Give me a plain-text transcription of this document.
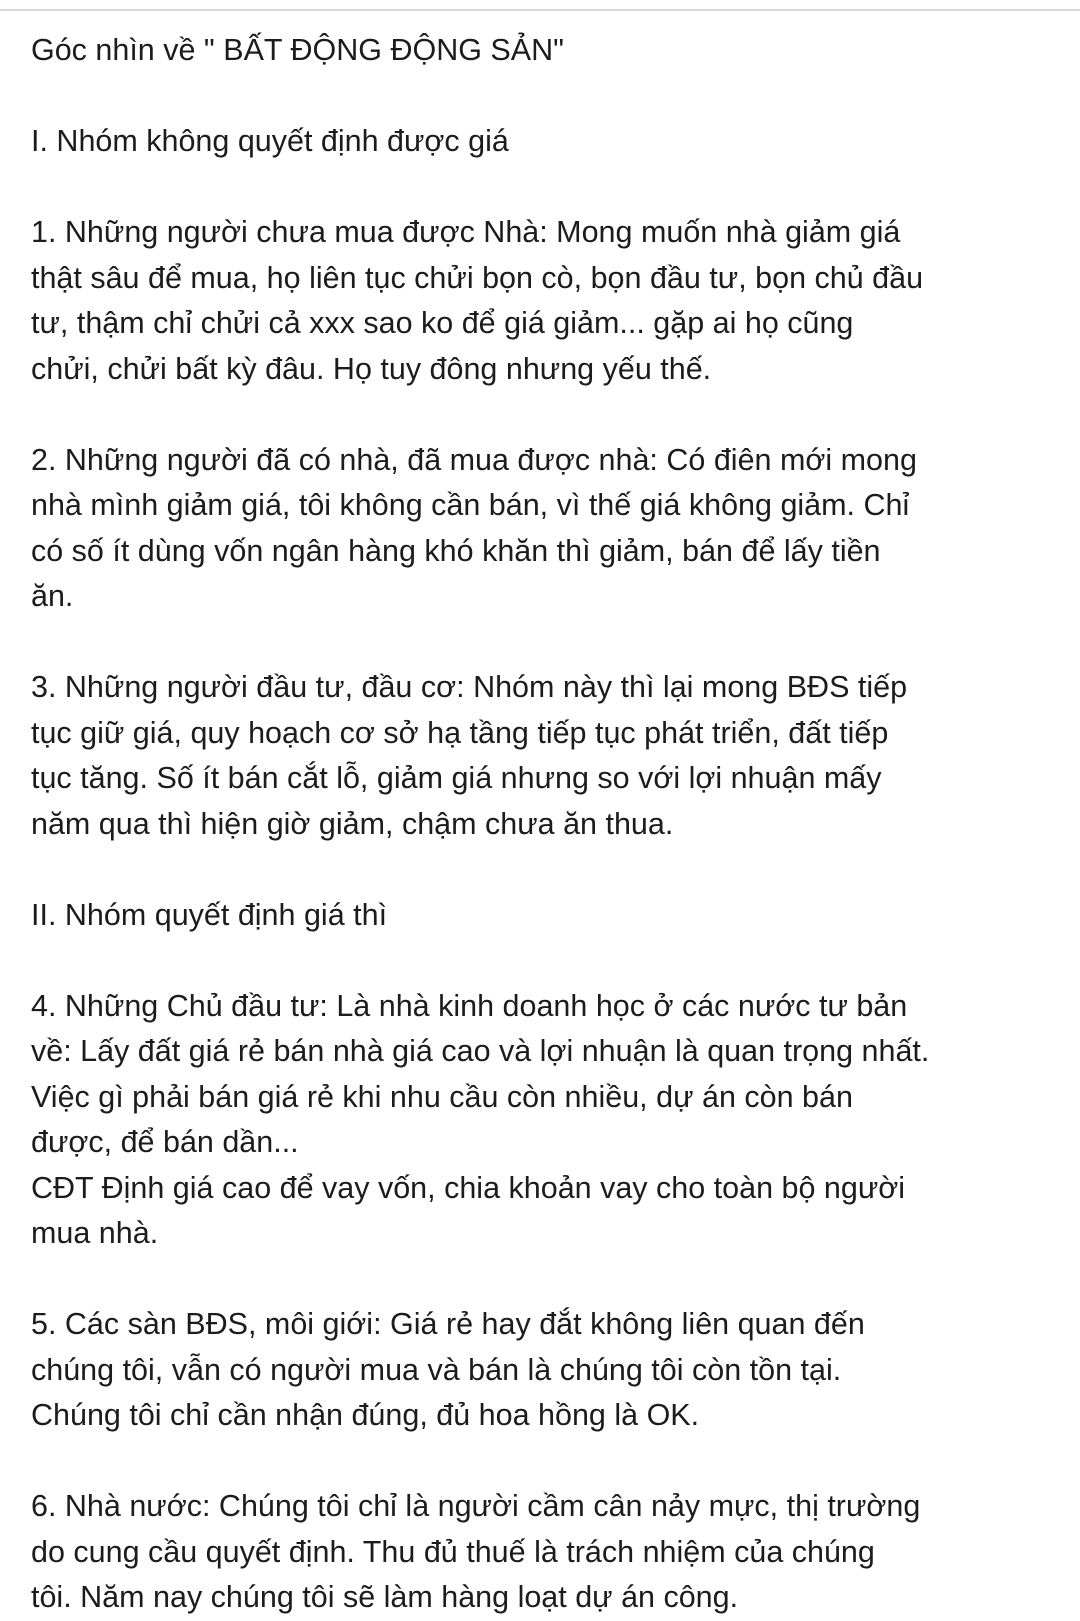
Góc nhìn về " BẤT ĐỘNG ĐỘNG SẢN"
I. Nhóm không quyết định được giá
1. Những người chưa mua được Nhà: Mong muốn nhà giảm giá
thật sâu để mua, họ liên tục chửi bọn cò, bọn đầu tư, bọn chủ đầu
tư, thậm chỉ chửi cả xxx sao ko để giá giảm... gặp ai họ cũng
chửi, chửi bất kỳ đâu. Họ tuy đông nhưng yếu thế.
2. Những người đã có nhà, đã mua được nhà: Có điên mới mong
nhà mình giảm giá, tôi không cần bán, vì thế giá không giảm. Chỉ
có số ít dùng vốn ngân hàng khó khăn thì giảm, bán để lấy tiền
ăn.
3. Những người đầu tư, đầu cơ: Nhóm này thì lại mong BĐS tiếp
tục giữ giá, quy hoạch cơ sở hạ tầng tiếp tục phát triển, đất tiếp
tục tăng. Số ít bán cắt lỗ, giảm giá nhưng so với lợi nhuận mấy
năm qua thì hiện giờ giảm, chậm chưa ăn thua.
II. Nhóm quyết định giá thì
4. Những Chủ đầu tư: Là nhà kinh doanh học ở các nước tư bản
về: Lấy đất giá rẻ bán nhà giá cao và lợi nhuận là quan trọng nhất.
Việc gì phải bán giá rẻ khi nhu cầu còn nhiều, dự án còn bán
được, để bán dần...
CĐT Định giá cao để vay vốn, chia khoản vay cho toàn bộ người
mua nhà.
5. Các sàn BĐS, môi giới: Giá rẻ hay đắt không liên quan đến
chúng tôi, vẫn có người mua và bán là chúng tôi còn tồn tại.
Chúng tôi chỉ cần nhận đúng, đủ hoa hồng là OK.
6. Nhà nước: Chúng tôi chỉ là người cầm cân nảy mực, thị trường
do cung cầu quyết định. Thu đủ thuế là trách nhiệm của chúng
tôi. Năm nay chúng tôi sẽ làm hàng loạt dự án công.
